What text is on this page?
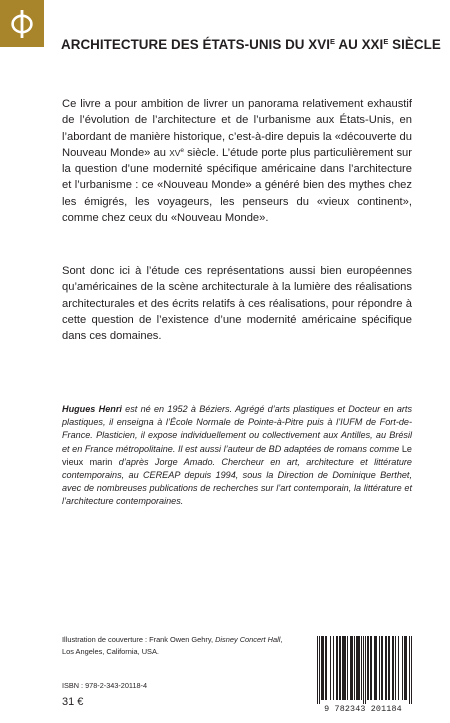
ARCHITECTURE DES ÉTATS-UNIS DU $XVI^E$ AU $XXI^E$ SIÈCLE

Ce livre a pour ambition de livrer un panorama relativement exhaustif de l’évolution de l’architecture et de l’urbanisme aux États-Unis, en l’abordant de manière historique, c’est-à-dire depuis la «découverte du Nouveau Monde» au XVe siècle. L’étude porte plus particulièrement sur la question d’une modernité spécifique américaine dans l’architecture et l’urbanisme : ce «Nouveau Monde» a généré bien des mythes chez les émigrés, les voyageurs, les penseurs du «vieux continent», comme chez ceux du «Nouveau Monde».

Sont donc ici à l’étude ces représentations aussi bien européennes qu’américaines de la scène architecturale à la lumière des réalisations architecturales et des écrits relatifs à ces réalisations, pour répondre à cette question de l’existence d’une modernité américaine spécifique dans ces domaines.

Hugues Henri est né en 1952 à Béziers. Agrégé d’arts plastiques et Docteur en arts plastiques, il enseigna à l’École Normale de Pointe-à-Pitre puis à l’IUFM de Fort-de-France. Plasticien, il expose individuellement ou collectivement aux Antilles, au Brésil et en France métropolitaine. Il est aussi l’auteur de BD adaptées de romans comme Le vieux marin d’après Jorge Amado. Chercheur en art, architecture et littérature contemporains, au CEREAP depuis 1994, sous la Direction de Dominique Berthet, avec de nombreuses publications de recherches sur l’art contemporain, la littérature et l’architecture contemporaines.

Illustration de couverture : Frank Owen Gehry, Disney Concert Hall,
Los Angeles, California, USA.

ISBN : 978-2-343-20118-4
31 €
9 782343 201184
